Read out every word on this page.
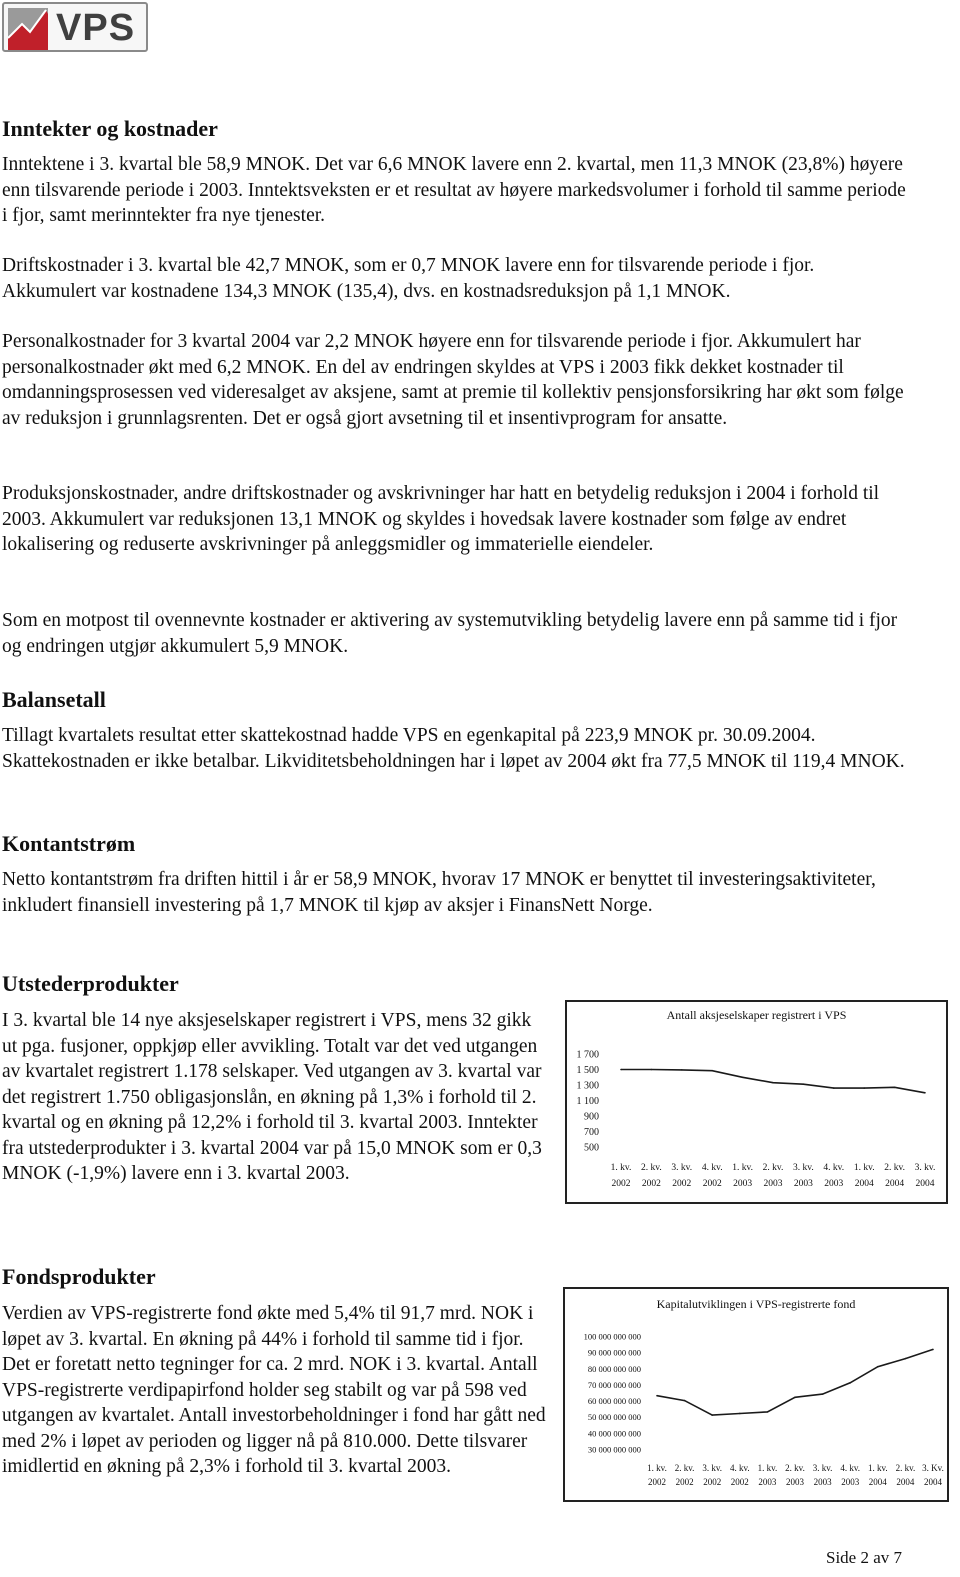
VPS
Inntekter og kostnader

Inntektene i 3. kvartal ble 58,9 MNOK. Det var 6,6 MNOK lavere enn 2. kvartal, men 11,3 MNOK (23,8%) høyere enn tilsvarende periode i 2003. Inntektsveksten er et resultat av høyere markedsvolumer i forhold til samme periode i fjor, samt merinntekter fra nye tjenester.

Driftskostnader i 3. kvartal ble 42,7 MNOK, som er 0,7 MNOK lavere enn for tilsvarende periode i fjor. Akkumulert var kostnadene 134,3 MNOK (135,4), dvs. en kostnadsreduksjon på 1,1 MNOK.

Personalkostnader for 3 kvartal 2004 var 2,2 MNOK høyere enn for tilsvarende periode i fjor. Akkumulert har personalkostnader økt med 6,2 MNOK. En del av endringen skyldes at VPS i 2003 fikk dekket kostnader til omdanningsprosessen ved videresalget av aksjene, samt at premie til kollektiv pensjonsforsikring har økt som følge av reduksjon i grunnlagsrenten. Det er også gjort avsetning til et insentivprogram for ansatte.

Produksjonskostnader, andre driftskostnader og avskrivninger har hatt en betydelig reduksjon i 2004 i forhold til 2003. Akkumulert var reduksjonen 13,1 MNOK og skyldes i hovedsak lavere kostnader som følge av endret lokalisering og reduserte avskrivninger på anleggsmidler og immaterielle eiendeler.

Som en motpost til ovennevnte kostnader er aktivering av systemutvikling betydelig lavere enn på samme tid i fjor og endringen utgjør akkumulert 5,9 MNOK.

Balansetall

Tillagt kvartalets resultat etter skattekostnad hadde VPS en egenkapital på 223,9 MNOK pr. 30.09.2004. Skattekostnaden er ikke betalbar. Likviditetsbeholdningen har i løpet av 2004 økt fra 77,5 MNOK til 119,4 MNOK.

Kontantstrøm

Netto kontantstrøm fra driften hittil i år er 58,9 MNOK, hvorav 17 MNOK er benyttet til investeringsaktiviteter, inkludert finansiell investering på 1,7 MNOK til kjøp av aksjer i FinansNett Norge.

Utstederprodukter

I 3. kvartal ble 14 nye aksjeselskaper registrert i VPS, mens 32 gikk ut pga. fusjoner, oppkjøp eller avvikling. Totalt var det ved utgangen av kvartalet registrert 1.178 selskaper. Ved utgangen av 3. kvartal var det registrert 1.750 obligasjonslån, en økning på 1,3% i forhold til 2. kvartal og en økning på 12,2% i forhold til 3. kvartal 2003. Inntekter fra utstederprodukter i 3. kvartal 2004 var på 15,0 MNOK som er 0,3 MNOK (-1,9%) lavere enn i 3. kvartal 2003.

Antall aksjeselskaper registrert i VPS
1 700
1 500
1 300
1 100
900
700
500
1. kv.
2002
2. kv.
2002
3. kv.
2002
4. kv.
2002
1. kv.
2003
2. kv.
2003
3. kv.
2003
4. kv.
2003
1. kv.
2004
2. kv.
2004
3. kv.
2004
Fondsprodukter

Verdien av VPS-registrerte fond økte med 5,4% til 91,7 mrd. NOK i løpet av 3. kvartal. En økning på 44% i forhold til samme tid i fjor. Det er foretatt netto tegninger for ca. 2 mrd. NOK i 3. kvartal. Antall VPS-registrerte verdipapirfond holder seg stabilt og var på 598 ved utgangen av kvartalet. Antall investorbeholdninger i fond har gått ned med 2% i løpet av perioden og ligger nå på 810.000. Dette tilsvarer imidlertid en økning på 2,3% i forhold til 3. kvartal 2003.

Kapitalutviklingen i VPS-registrerte fond
100 000 000 000
90 000 000 000
80 000 000 000
70 000 000 000
60 000 000 000
50 000 000 000
40 000 000 000
30 000 000 000
1. kv.
2002
2. kv.
2002
3. kv.
2002
4. kv.
2002
1. kv.
2003
2. kv.
2003
3. kv.
2003
4. kv.
2003
1. kv.
2004
2. kv.
2004
3. Kv.
2004
Side 2 av 7
